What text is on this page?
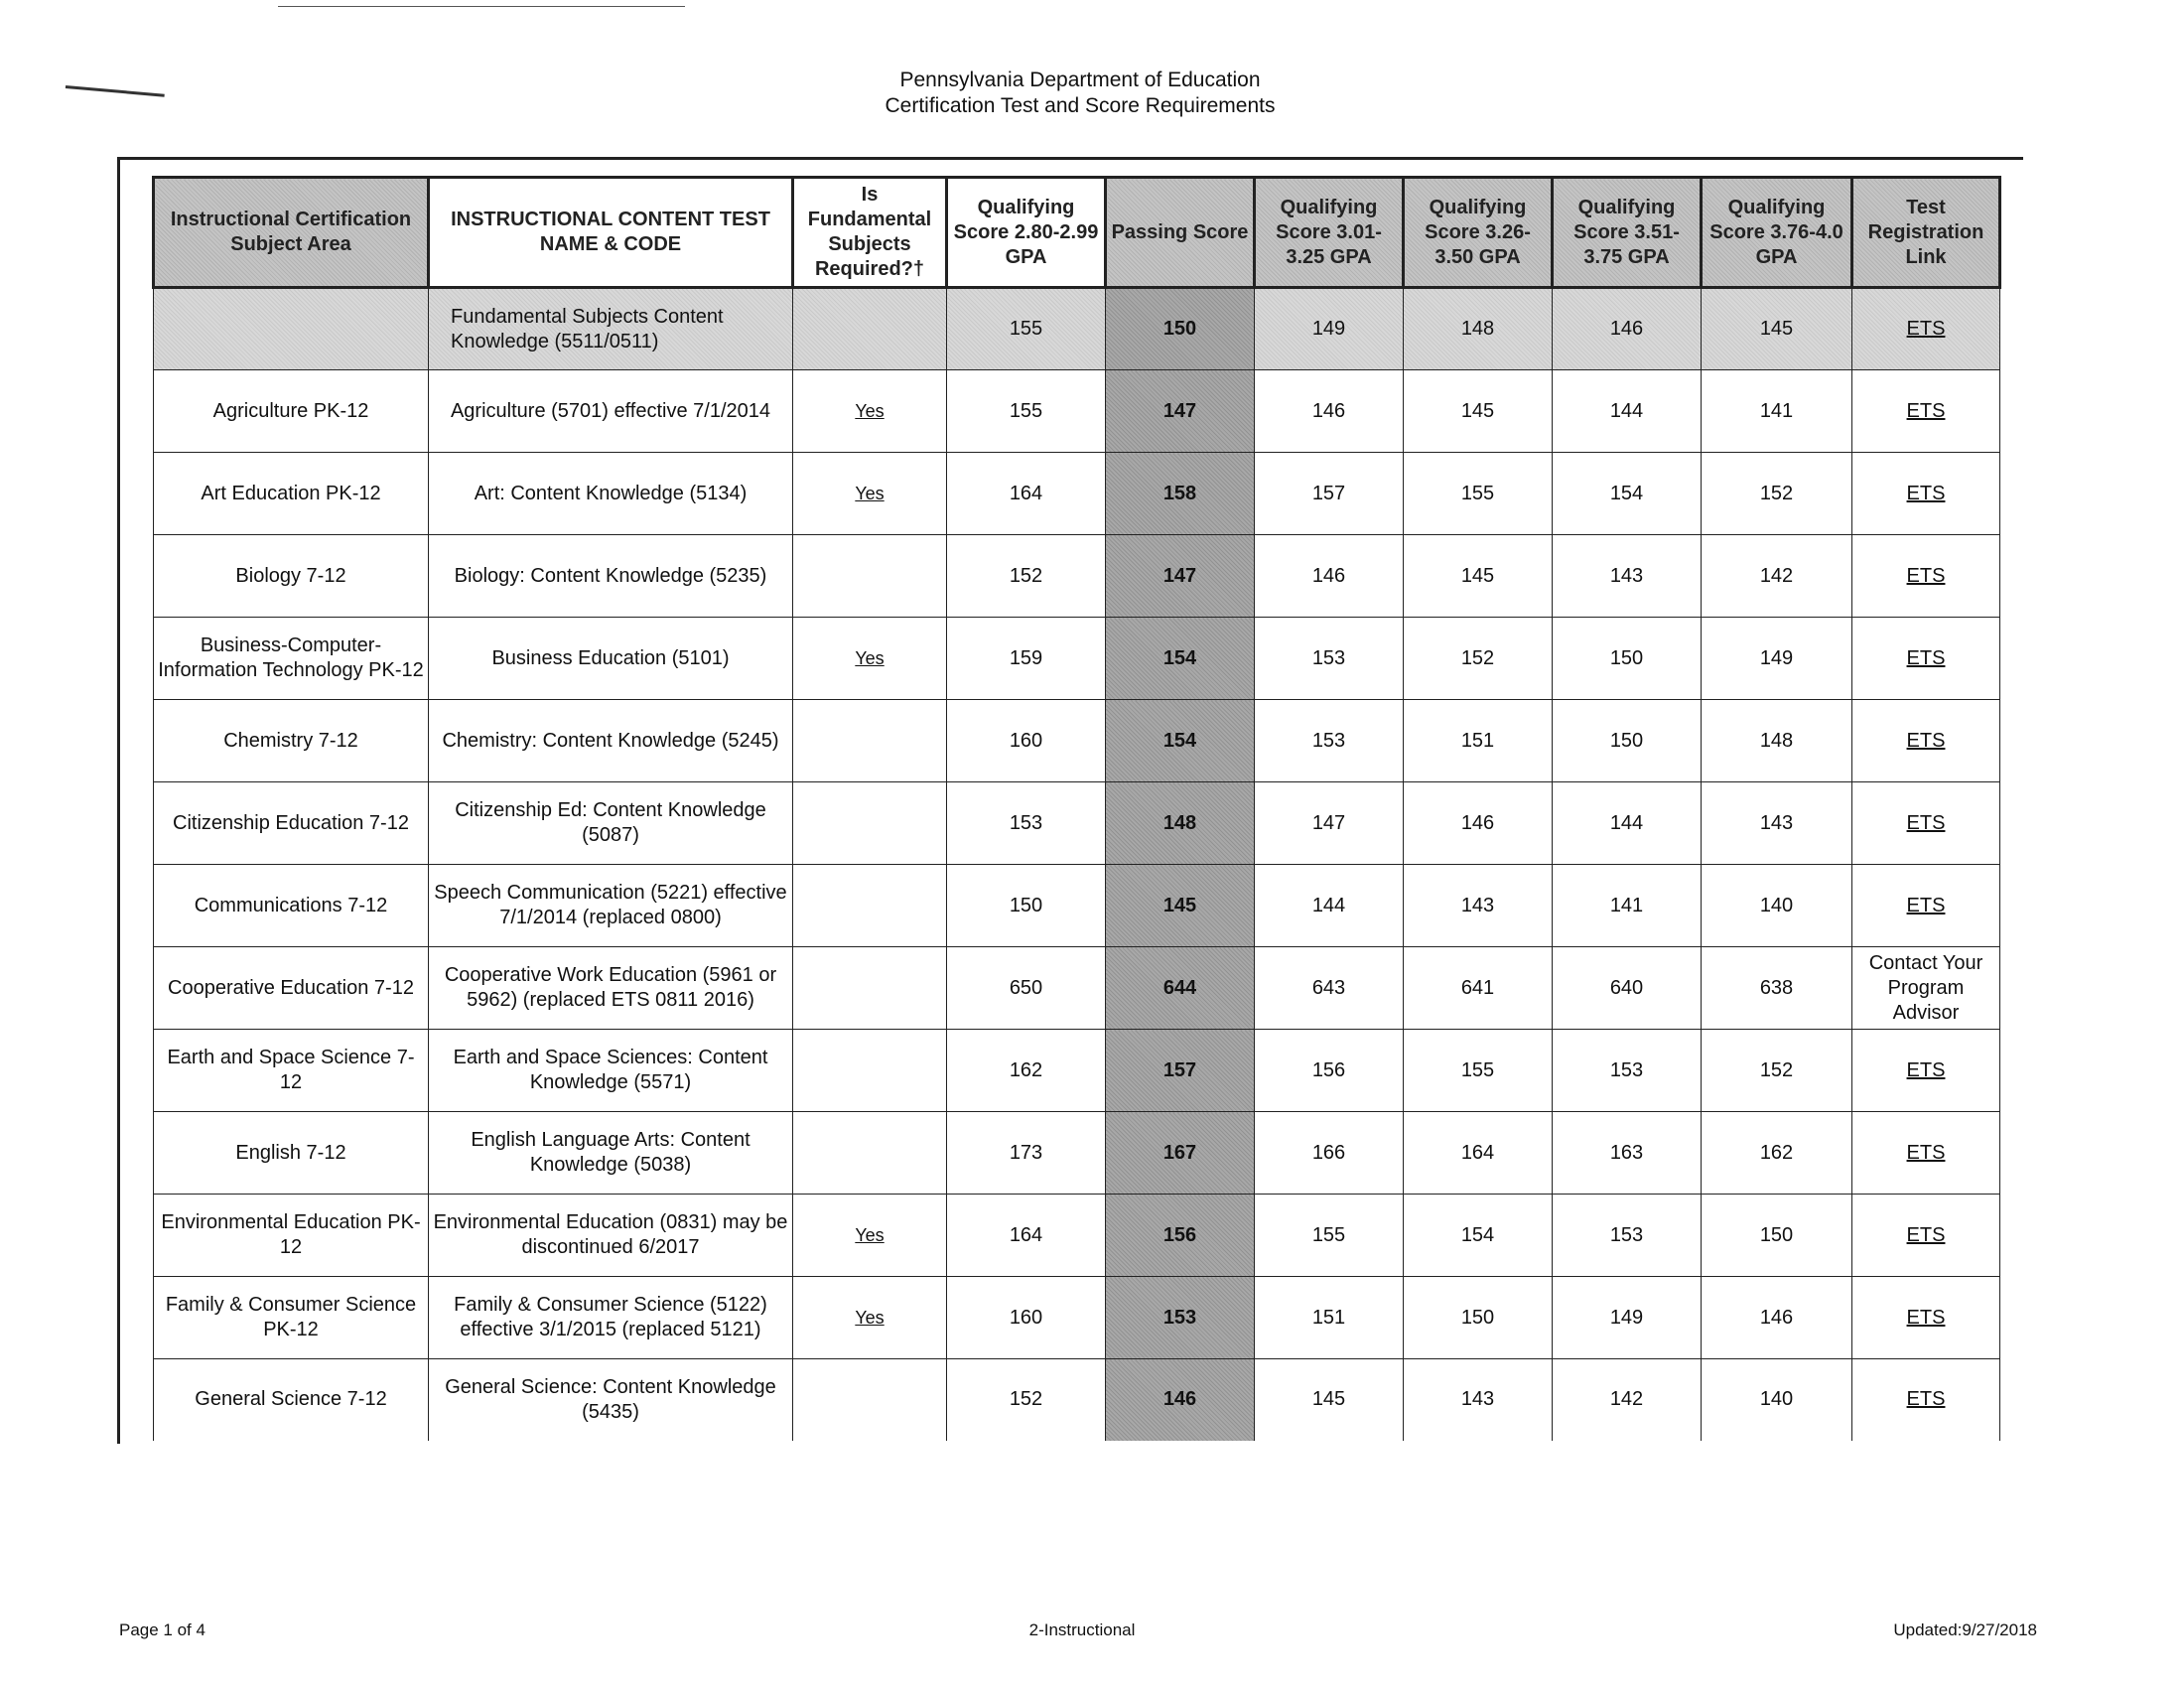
Pennsylvania Department of Education
Certification Test and Score Requirements
Instructional Certification Subject Area	INSTRUCTIONAL CONTENT TEST NAME & CODE	Is Fundamental Subjects Required?†	Qualifying Score 2.80-2.99 GPA	Passing Score	Qualifying Score 3.01-3.25 GPA	Qualifying Score 3.26-3.50 GPA	Qualifying Score 3.51-3.75 GPA	Qualifying Score 3.76-4.0 GPA	Test Registration Link
	Fundamental Subjects Content Knowledge (5511/0511)		155	150	149	148	146	145	ETS
Agriculture PK-12	Agriculture (5701) effective 7/1/2014	Yes	155	147	146	145	144	141	ETS
Art Education PK-12	Art: Content Knowledge (5134)	Yes	164	158	157	155	154	152	ETS
Biology 7-12	Biology: Content Knowledge (5235)		152	147	146	145	143	142	ETS
Business-Computer-Information Technology PK-12	Business Education (5101)	Yes	159	154	153	152	150	149	ETS
Chemistry 7-12	Chemistry: Content Knowledge (5245)		160	154	153	151	150	148	ETS
Citizenship Education 7-12	Citizenship Ed: Content Knowledge (5087)		153	148	147	146	144	143	ETS
Communications 7-12	Speech Communication (5221) effective 7/1/2014 (replaced 0800)		150	145	144	143	141	140	ETS
Cooperative Education 7-12	Cooperative Work Education (5961 or 5962) (replaced ETS 0811 2016)		650	644	643	641	640	638	Contact Your Program Advisor
Earth and Space Science 7-12	Earth and Space Sciences: Content Knowledge (5571)		162	157	156	155	153	152	ETS
English 7-12	English Language Arts: Content Knowledge (5038)		173	167	166	164	163	162	ETS
Environmental Education PK-12	Environmental Education (0831) may be discontinued 6/2017	Yes	164	156	155	154	153	150	ETS
Family & Consumer Science PK-12	Family & Consumer Science (5122) effective 3/1/2015 (replaced 5121)	Yes	160	153	151	150	149	146	ETS
General Science 7-12	General Science: Content Knowledge (5435)		152	146	145	143	142	140	ETS
Page 1 of 4	2-Instructional	Updated:9/27/2018
